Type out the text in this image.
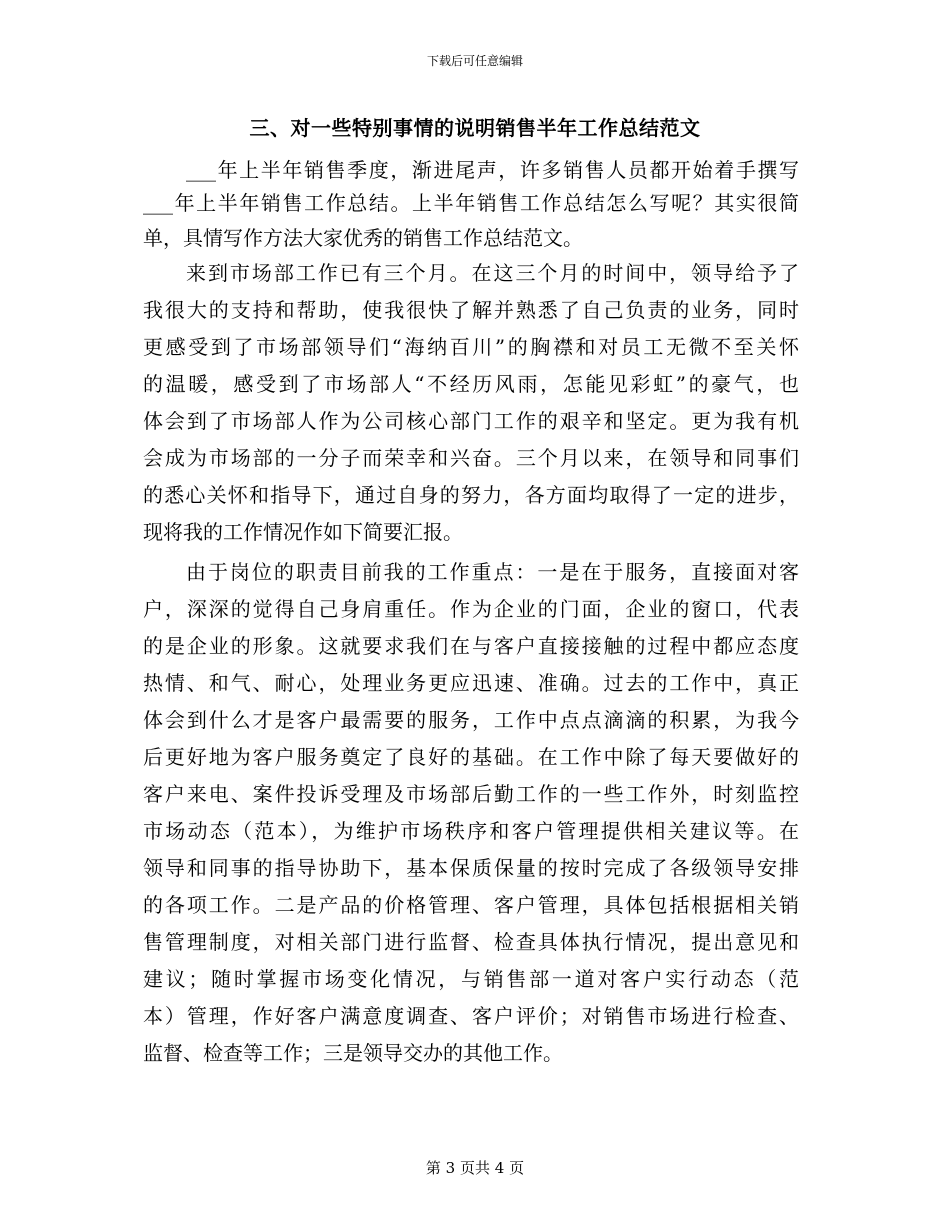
下载后可任意编辑
三、对一些特别事情的说明销售半年工作总结范文
___年上半年销售季度，渐进尾声，许多销售人员都开始着手撰写
___年上半年销售工作总结。上半年销售工作总结怎么写呢？其实很简
单，具情写作方法大家优秀的销售工作总结范文。
来到市场部工作已有三个月。在这三个月的时间中，领导给予了
我很大的支持和帮助，使我很快了解并熟悉了自己负责的业务，同时
更感受到了市场部领导们“海纳百川”的胸襟和对员工无微不至关怀
的温暖，感受到了市场部人“不经历风雨，怎能见彩虹”的豪气，也
体会到了市场部人作为公司核心部门工作的艰辛和坚定。更为我有机
会成为市场部的一分子而荣幸和兴奋。三个月以来，在领导和同事们
的悉心关怀和指导下，通过自身的努力，各方面均取得了一定的进步，
现将我的工作情况作如下简要汇报。
由于岗位的职责目前我的工作重点：一是在于服务，直接面对客
户，深深的觉得自己身肩重任。作为企业的门面，企业的窗口，代表
的是企业的形象。这就要求我们在与客户直接接触的过程中都应态度
热情、和气、耐心，处理业务更应迅速、准确。过去的工作中，真正
体会到什么才是客户最需要的服务，工作中点点滴滴的积累，为我今
后更好地为客户服务奠定了良好的基础。在工作中除了每天要做好的
客户来电、案件投诉受理及市场部后勤工作的一些工作外，时刻监控
市场动态（范本），为维护市场秩序和客户管理提供相关建议等。在
领导和同事的指导协助下，基本保质保量的按时完成了各级领导安排
的各项工作。二是产品的价格管理、客户管理，具体包括根据相关销
售管理制度，对相关部门进行监督、检查具体执行情况，提出意见和
建议；随时掌握市场变化情况，与销售部一道对客户实行动态（范
本）管理，作好客户满意度调查、客户评价；对销售市场进行检查、
监督、检查等工作；三是领导交办的其他工作。
第 3 页共 4 页
